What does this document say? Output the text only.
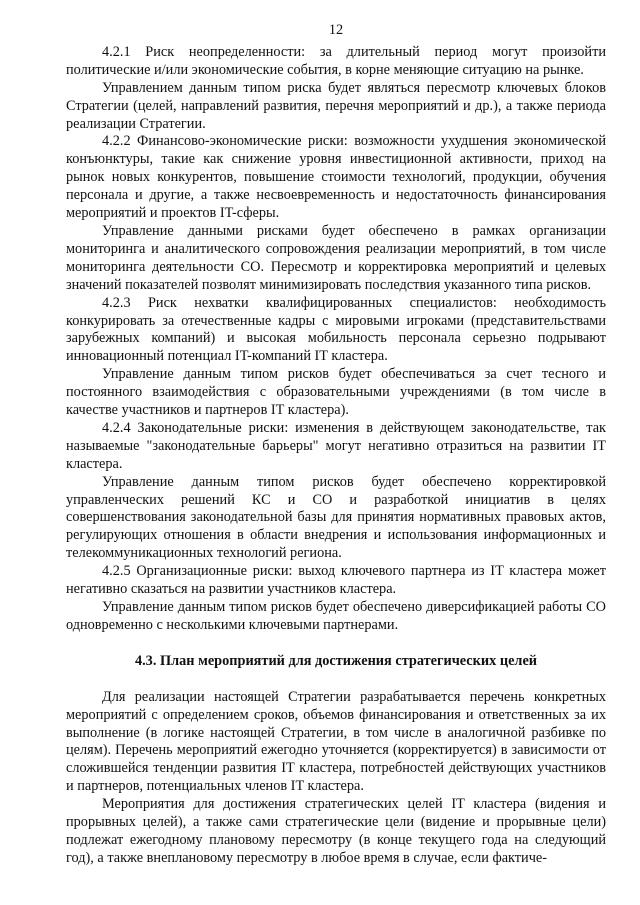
12

4.2.1 Риск неопределенности: за длительный период могут произойти политические и/или экономические события, в корне меняющие ситуацию на рынке.

Управлением данным типом риска будет являться пересмотр ключевых блоков Стратегии (целей, направлений развития, перечня мероприятий и др.), а также периода реализации Стратегии.

4.2.2 Финансово-экономические риски: возможности ухудшения экономической конъюнктуры, такие как снижение уровня инвестиционной активности, приход на рынок новых конкурентов, повышение стоимости технологий, продукции, обучения персонала и другие, а также несвоевременность и недостаточность финансирования мероприятий и проектов IT-сферы.

Управление данными рисками будет обеспечено в рамках организации мониторинга и аналитического сопровождения реализации мероприятий, в том числе мониторинга деятельности СО. Пересмотр и корректировка мероприятий и целевых значений показателей позволят минимизировать последствия указанного типа рисков.

4.2.3 Риск нехватки квалифицированных специалистов: необходимость конкурировать за отечественные кадры с мировыми игроками (представительствами зарубежных компаний) и высокая мобильность персонала серьезно подрывают инновационный потенциал IT-компаний IT кластера.

Управление данным типом рисков будет обеспечиваться за счет тесного и постоянного взаимодействия с образовательными учреждениями (в том числе в качестве участников и партнеров IT кластера).

4.2.4 Законодательные риски: изменения в действующем законодательстве, так называемые "законодательные барьеры" могут негативно отразиться на развитии IT кластера.

Управление данным типом рисков будет обеспечено корректировкой управленческих решений КС и СО и разработкой инициатив в целях совершенствования законодательной базы для принятия нормативных правовых актов, регулирующих отношения в области внедрения и использования информационных и телекоммуникационных технологий региона.

4.2.5 Организационные риски: выход ключевого партнера из IT кластера может негативно сказаться на развитии участников кластера.

Управление данным типом рисков будет обеспечено диверсификацией работы СО одновременно с несколькими ключевыми партнерами.

4.3. План мероприятий для достижения стратегических целей

Для реализации настоящей Стратегии разрабатывается перечень конкретных мероприятий с определением сроков, объемов финансирования и ответственных за их выполнение (в логике настоящей Стратегии, в том числе в аналогичной разбивке по целям). Перечень мероприятий ежегодно уточняется (корректируется) в зависимости от сложившейся тенденции развития IT кластера, потребностей действующих участников и партнеров, потенциальных членов IT кластера.

Мероприятия для достижения стратегических целей IT кластера (видения и прорывных целей), а также сами стратегические цели (видение и прорывные цели) подлежат ежегодному плановому пересмотру (в конце текущего года на следующий год), а также внеплановому пересмотру в любое время в случае, если фактиче-
